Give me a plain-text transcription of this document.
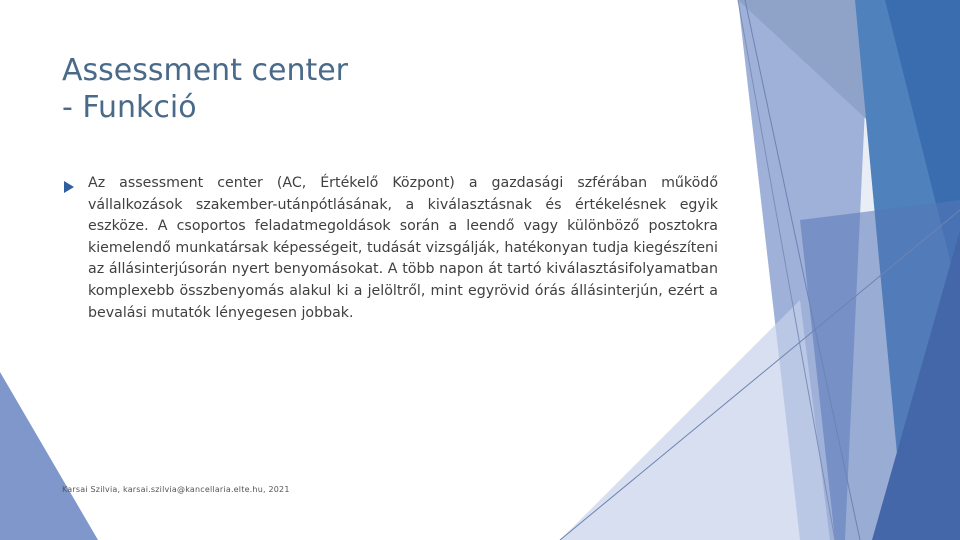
Assessment center
- Funkció

Az assessment center (AC, Értékelő Központ) a gazdasági szférában működő vállalkozások szakember-utánpótlásának, a kiválasztásnak és értékelésnek egyik eszköze. A csoportos feladatmegoldások során a leendő vagy különböző posztokra kiemelendő munkatársak képességeit, tudását vizsgálják, hatékonyan tudja kiegészíteni az állásinterjúsorán nyert benyomásokat. A több napon át tartó kiválasztásifolyamatban komplexebb összbenyomás alakul ki a jelöltről, mint egyrövid órás állásinterjún, ezért a bevalási mutatók lényegesen jobbak.

Karsai Szilvia, karsai.szilvia@kancellaria.elte.hu, 2021
